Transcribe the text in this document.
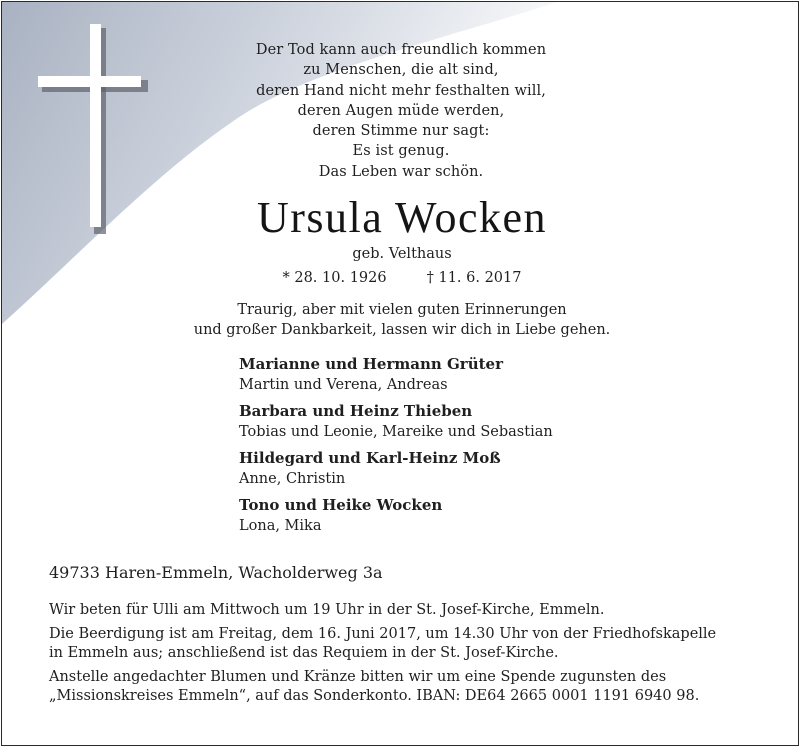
Der Tod kann auch freundlich kommen
zu Menschen, die alt sind,
deren Hand nicht mehr festhalten will,
deren Augen müde werden,
deren Stimme nur sagt:
Es ist genug.
Das Leben war schön.
Ursula Wocken
geb. Velthaus
* 28. 10. 1926	† 11. 6. 2017
Traurig, aber mit vielen guten Erinnerungen
und großer Dankbarkeit, lassen wir dich in Liebe gehen.
Marianne und Hermann Grüter
Martin und Verena, Andreas
Barbara und Heinz Thieben
Tobias und Leonie, Mareike und Sebastian
Hildegard und Karl-Heinz Moß
Anne, Christin
Tono und Heike Wocken
Lona, Mika
49733 Haren-Emmeln, Wacholderweg 3a

Wir beten für Ulli am Mittwoch um 19 Uhr in der St. Josef-Kirche, Emmeln.

Die Beerdigung ist am Freitag, dem 16. Juni 2017, um 14.30 Uhr von der Friedhofskapelle
in Emmeln aus; anschließend ist das Requiem in der St. Josef-Kirche.

Anstelle angedachter Blumen und Kränze bitten wir um eine Spende zugunsten des
„Missionskreises Emmeln“, auf das Sonderkonto. IBAN: DE64 2665 0001 1191 6940 98.
